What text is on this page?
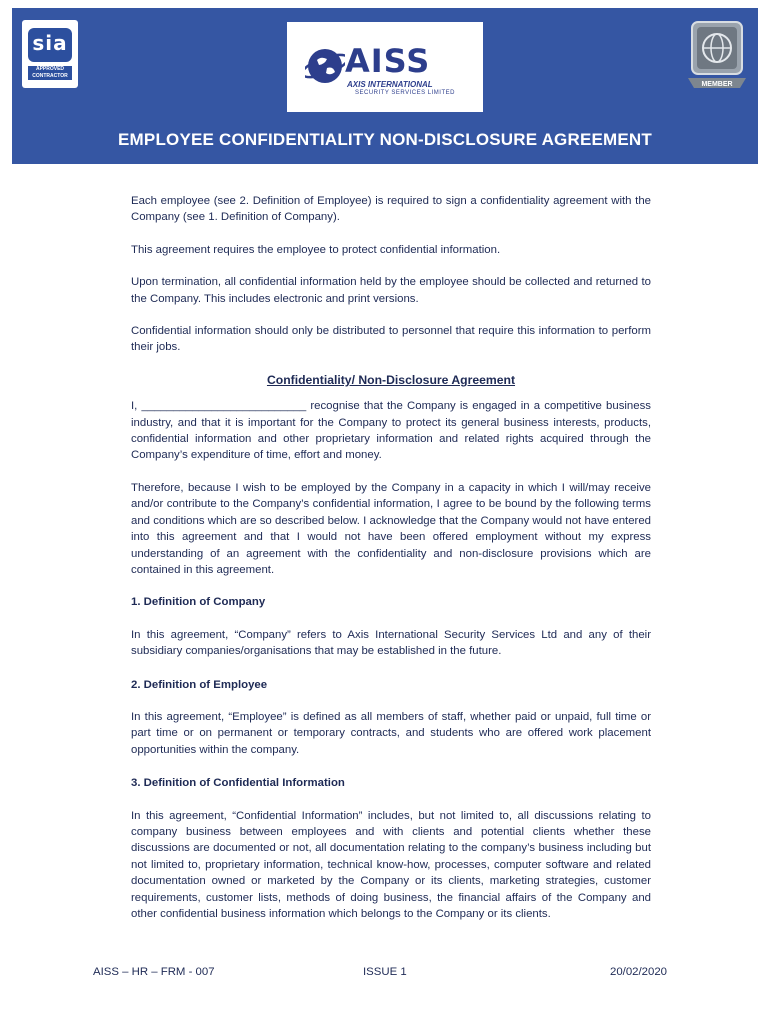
sia
APPROVED CONTRACTOR	AISS
AXIS INTERNATIONAL
SECURITY SERVICES LIMITED
MEMBER
EMPLOYEE CONFIDENTIALITY NON-DISCLOSURE AGREEMENT

Each employee (see 2. Definition of Employee) is required to sign a confidentiality agreement with the Company (see 1. Definition of Company).

This agreement requires the employee to protect confidential information.

Upon termination, all confidential information held by the employee should be collected and returned to the Company. This includes electronic and print versions.

Confidential information should only be distributed to personnel that require this information to perform their jobs.

Confidentiality/ Non-Disclosure Agreement

I, __________________________ recognise that the Company is engaged in a competitive business industry, and that it is important for the Company to protect its general business interests, products, confidential information and other proprietary information and related rights acquired through the Company’s expenditure of time, effort and money.

Therefore, because I wish to be employed by the Company in a capacity in which I will/may receive and/or contribute to the Company’s confidential information, I agree to be bound by the following terms and conditions which are so described below. I acknowledge that the Company would not have entered into this agreement and that I would not have been offered employment without my express understanding of an agreement with the confidentiality and non-disclosure provisions which are contained in this agreement.

1. Definition of Company

In this agreement, “Company” refers to Axis International Security Services Ltd and any of their subsidiary companies/organisations that may be established in the future.

2. Definition of Employee

In this agreement, “Employee” is defined as all members of staff, whether paid or unpaid, full time or part time or on permanent or temporary contracts, and students who are offered work placement opportunities within the company.

3. Definition of Confidential Information

In this agreement, “Confidential Information” includes, but not limited to, all discussions relating to company business between employees and with clients and potential clients whether these discussions are documented or not, all documentation relating to the company’s business including but not limited to, proprietary information, technical know-how, processes, computer software and related documentation owned or marketed by the Company or its clients, marketing strategies, customer requirements, customer lists, methods of doing business, the financial affairs of the Company and other confidential business information which belongs to the Company or its clients.

AISS – HR – FRM - 007	ISSUE 1	20/02/2020
